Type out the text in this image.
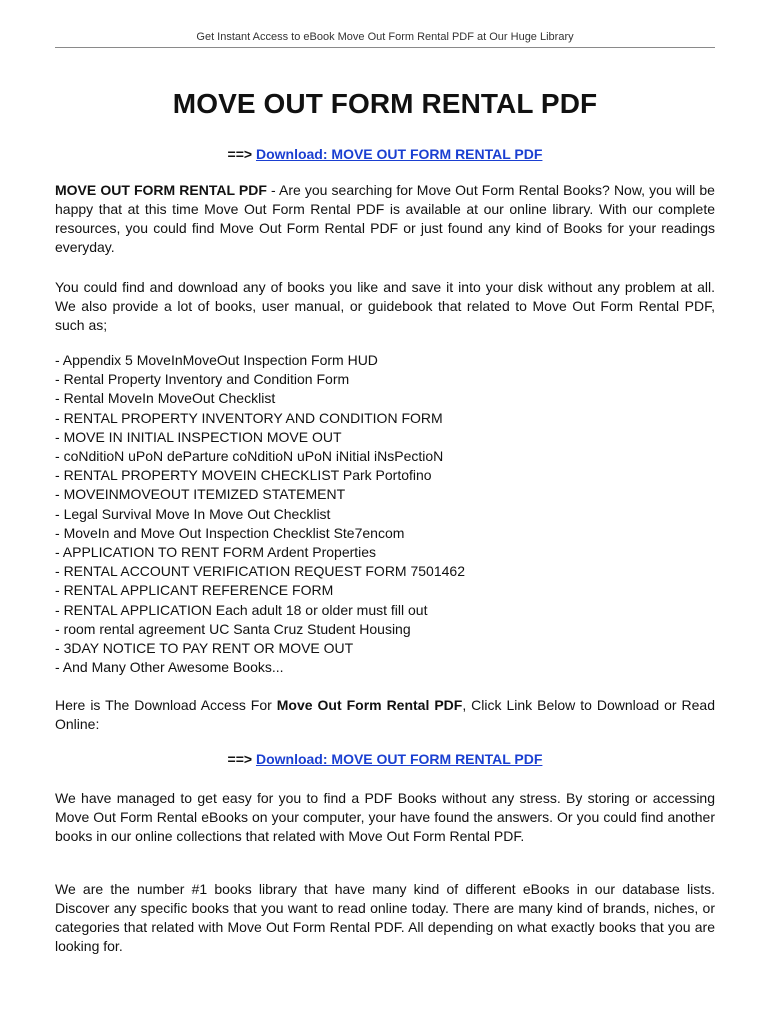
Get Instant Access to eBook Move Out Form Rental PDF at Our Huge Library
MOVE OUT FORM RENTAL PDF
==> Download: MOVE OUT FORM RENTAL PDF

MOVE OUT FORM RENTAL PDF - Are you searching for Move Out Form Rental Books? Now, you will be happy that at this time Move Out Form Rental PDF is available at our online library. With our complete resources, you could find Move Out Form Rental PDF or just found any kind of Books for your readings everyday.

You could find and download any of books you like and save it into your disk without any problem at all. We also provide a lot of books, user manual, or guidebook that related to Move Out Form Rental PDF, such as;

- Appendix 5 MoveInMoveOut Inspection Form HUD
- Rental Property Inventory and Condition Form
- Rental MoveIn MoveOut Checklist
- RENTAL PROPERTY INVENTORY AND CONDITION FORM
- MOVE IN INITIAL INSPECTION MOVE OUT
- coNditioN uPoN deParture coNditioN uPoN iNitial iNsPectioN
- RENTAL PROPERTY MOVEIN CHECKLIST Park Portofino
- MOVEINMOVEOUT ITEMIZED STATEMENT
- Legal Survival Move In Move Out Checklist
- MoveIn and Move Out Inspection Checklist Ste7encom
- APPLICATION TO RENT FORM Ardent Properties
- RENTAL ACCOUNT VERIFICATION REQUEST FORM 7501462
- RENTAL APPLICANT REFERENCE FORM
- RENTAL APPLICATION Each adult 18 or older must fill out
- room rental agreement UC Santa Cruz Student Housing
- 3DAY NOTICE TO PAY RENT OR MOVE OUT
- And Many Other Awesome Books...

Here is The Download Access For Move Out Form Rental PDF, Click Link Below to Download or Read Online:

==> Download: MOVE OUT FORM RENTAL PDF

We have managed to get easy for you to find a PDF Books without any stress. By storing or accessing Move Out Form Rental eBooks on your computer, your have found the answers. Or you could find another books in our online collections that related with Move Out Form Rental PDF.

We are the number #1 books library that have many kind of different eBooks in our database lists. Discover any specific books that you want to read online today. There are many kind of brands, niches, or categories that related with Move Out Form Rental PDF. All depending on what exactly books that you are looking for.
